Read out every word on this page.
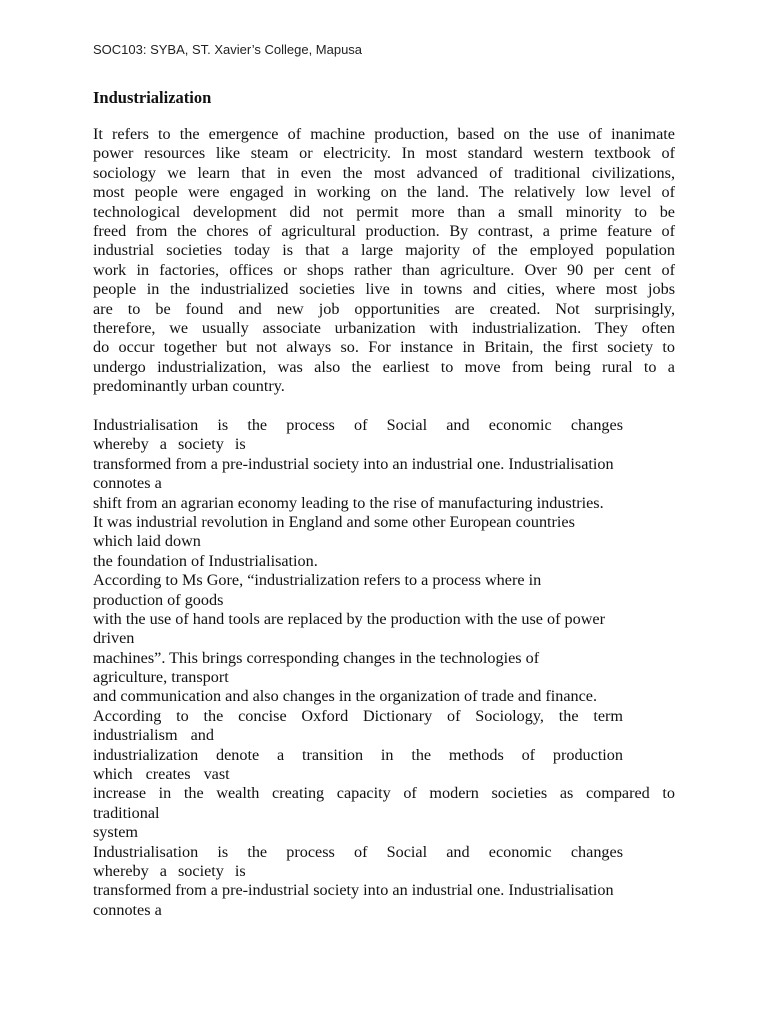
SOC103: SYBA, ST. Xavier’s College, Mapusa
Industrialization
It refers to the emergence of machine production, based on the use of inanimate
power resources like steam or electricity. In most standard western textbook of
sociology we learn that in even the most advanced of traditional civilizations,
most people were engaged in working on the land. The relatively low level of
technological development did not permit more than a small minority to be
freed from the chores of agricultural production. By contrast, a prime feature of
industrial societies today is that a large majority of the employed population
work in factories, offices or shops rather than agriculture. Over 90 per cent of
people in the industrialized societies live in towns and cities, where most jobs
are to be found and new job opportunities are created. Not surprisingly,
therefore, we usually associate urbanization with industrialization. They often
do occur together but not always so. For instance in Britain, the first society to
undergo industrialization, was also the earliest to move from being rural to a
predominantly urban country.
Industrialisation is the process of Social and economic changes
whereby a society is
transformed from a pre-industrial society into an industrial one. Industrialisation
connotes a
shift from an agrarian economy leading to the rise of manufacturing industries.
It was industrial revolution in England and some other European countries
which laid down
the foundation of Industrialisation.
According to Ms Gore, “industrialization refers to a process where in
production of goods
with the use of hand tools are replaced by the production with the use of power
driven
machines”. This brings corresponding changes in the technologies of
agriculture, transport
and communication and also changes in the organization of trade and finance.
According to the concise Oxford Dictionary of Sociology, the term
industrialism and
industrialization denote a transition in the methods of production
which creates vast
increase in the wealth creating capacity of modern societies as compared to
traditional
system
Industrialisation is the process of Social and economic changes
whereby a society is
transformed from a pre-industrial society into an industrial one. Industrialisation
connotes a
